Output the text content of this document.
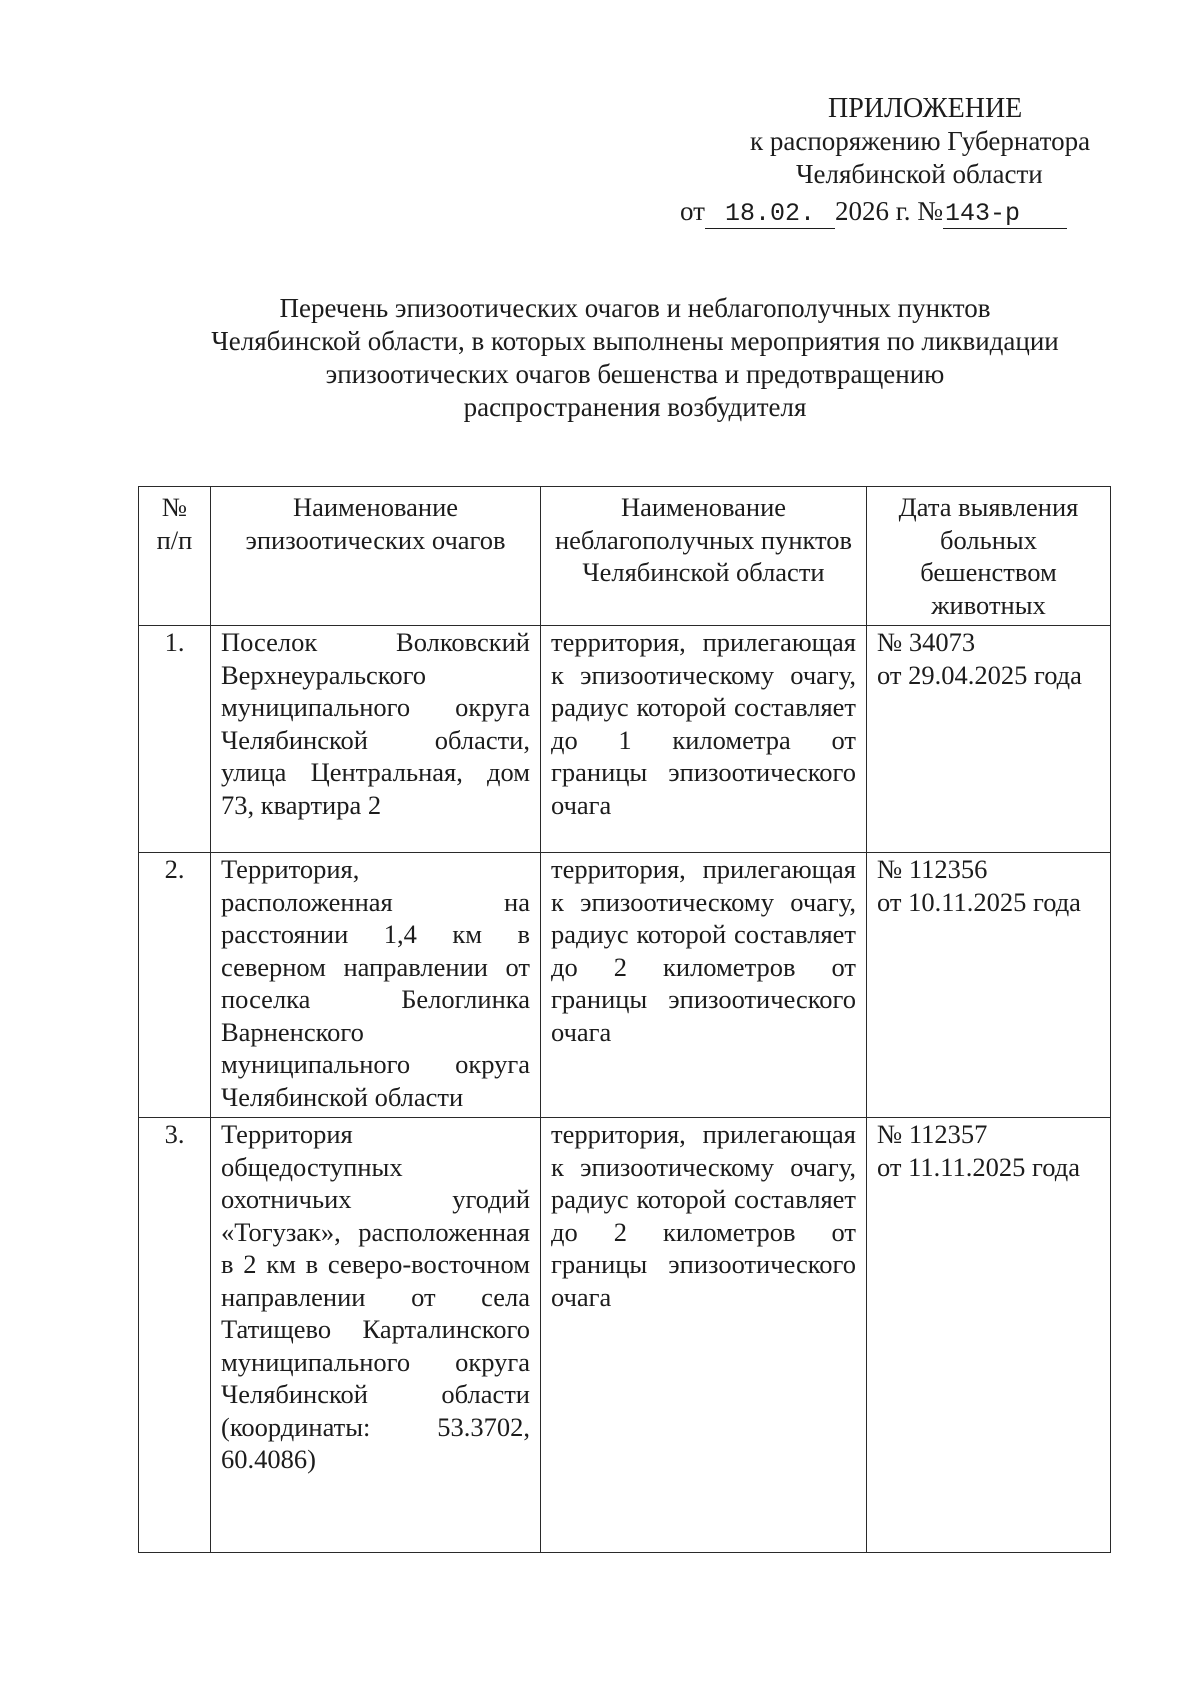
ПРИЛОЖЕНИЕ
к распоряжению Губернатора
Челябинской области
от 18.02. 2026 г. №143-р
Перечень эпизоотических очагов и неблагополучных пунктов
Челябинской области, в которых выполнены мероприятия по ликвидации
эпизоотических очагов бешенства и предотвращению
распространения возбудителя
№ п/п	Наименование эпизоотических очагов	Наименование неблагополучных пунктов Челябинской области	Дата выявления больных бешенством животных
1.	Поселок Волковский Верхнеуральского муниципального округа Челябинской области, улица Центральная, дом 73, квартира 2	территория, прилегающая к эпизоотическому очагу, радиус которой составляет до 1 километра от границы эпизоотического очага	№ 34073
от 29.04.2025 года

2.	Территория, расположенная на расстоянии 1,4 км в северном направлении от поселка Белоглинка Варненского муниципального округа Челябинской области	территория, прилегающая к эпизоотическому очагу, радиус которой составляет до 2 километров от границы эпизоотического очага	№ 112356
от 10.11.2025 года

3.	Территория общедоступных охотничьих угодий «Тогузак», расположенная в 2 км в северо-восточном направлении от села Татищево Карталинского муниципального округа Челябинской области (координаты: 53.3702, 60.4086)	территория, прилегающая к эпизоотическому очагу, радиус которой составляет до 2 километров от границы эпизоотического очага	№ 112357
от 11.11.2025 года
